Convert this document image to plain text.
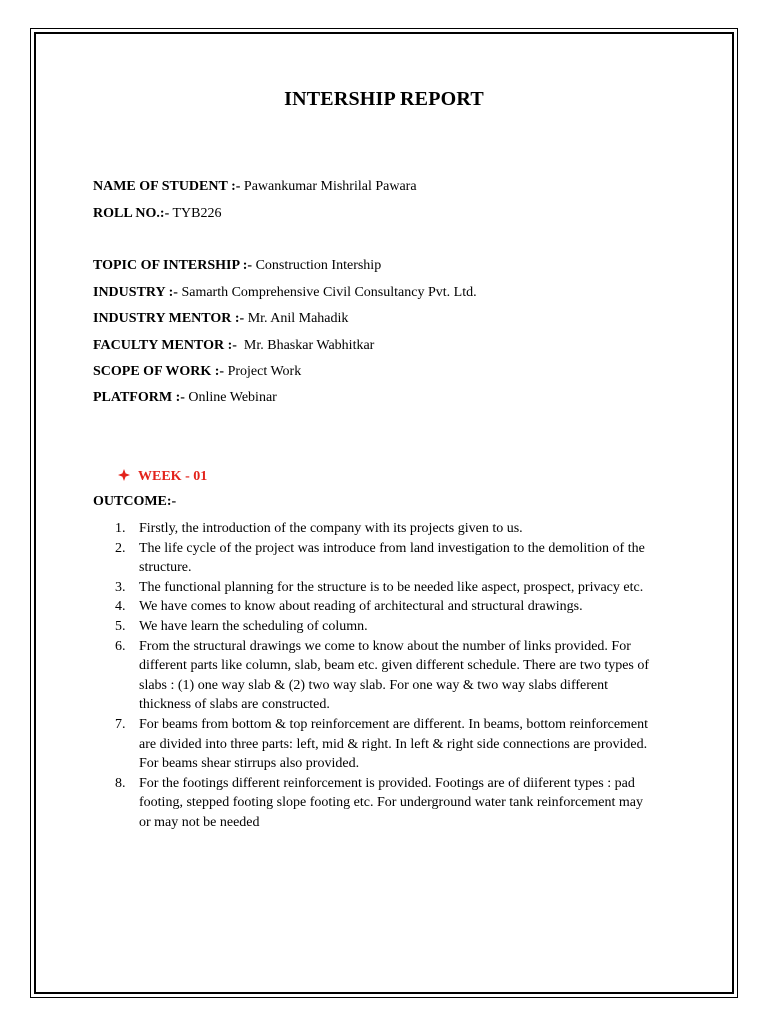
INTERSHIP REPORT
NAME OF STUDENT :- Pawankumar Mishrilal Pawara
ROLL NO.:- TYB226
TOPIC OF INTERSHIP :- Construction Intership
INDUSTRY :- Samarth Comprehensive Civil Consultancy Pvt. Ltd.
INDUSTRY MENTOR :- Mr. Anil Mahadik
FACULTY MENTOR :-  Mr. Bhaskar Wabhitkar
SCOPE OF WORK :- Project Work
PLATFORM :- Online Webinar
WEEK - 01
OUTCOME:-
1. Firstly, the introduction of the company with its projects given to us.
2. The life cycle of the project was introduce from land investigation to the demolition of the structure.
3. The functional planning for the structure is to be needed like aspect, prospect, privacy etc.
4. We have comes to know about reading of architectural and structural drawings.
5. We have learn the scheduling of column.
6. From the structural drawings we come to know about the number of links provided. For different parts like column, slab, beam etc. given different schedule. There are two types of slabs : (1) one way slab & (2) two way slab. For one way & two way slabs different thickness of slabs are constructed.
7. For beams from bottom & top reinforcement are different. In beams, bottom reinforcement are divided into three parts: left, mid & right. In left & right side connections are provided. For beams shear stirrups also provided.
8. For the footings different reinforcement is provided. Footings are of diiferent types : pad footing, stepped footing slope footing etc. For underground water tank reinforcement may or may not be needed
